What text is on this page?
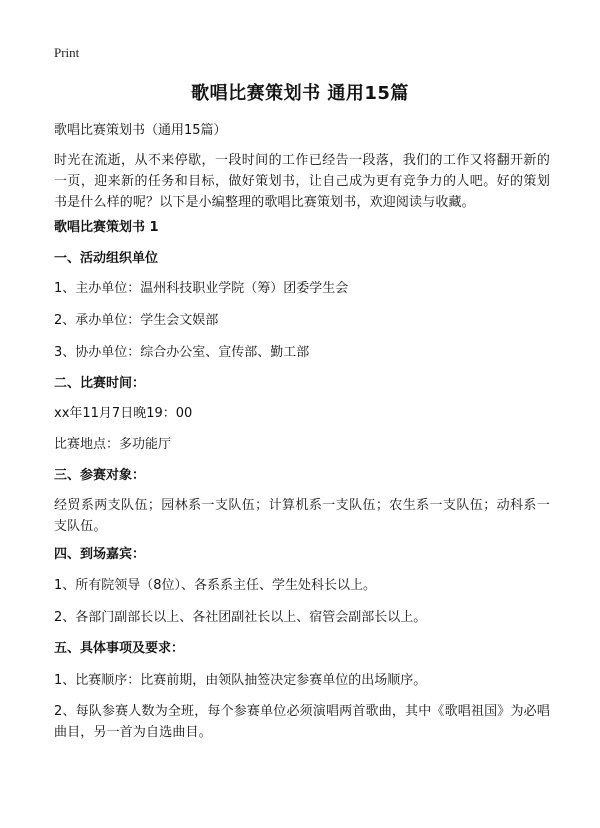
Print
歌唱比赛策划书 通用15篇
歌唱比赛策划书（通用15篇）
时光在流逝，从不来停歇，一段时间的工作已经告一段落，我们的工作又将翻开新的一页，迎来新的任务和目标，做好策划书，让自己成为更有竞争力的人吧。好的策划书是什么样的呢？以下是小编整理的歌唱比赛策划书，欢迎阅读与收藏。
歌唱比赛策划书 1
一、活动组织单位
1、主办单位：温州科技职业学院（筹）团委学生会
2、承办单位：学生会文娱部
3、协办单位：综合办公室、宣传部、勤工部
二、比赛时间：
xx年11月7日晚19：00
比赛地点：多功能厅
三、参赛对象：
经贸系两支队伍；园林系一支队伍；计算机系一支队伍；农生系一支队伍；动科系一支队伍。
四、到场嘉宾：
1、所有院领导（8位）、各系系主任、学生处科长以上。
2、各部门副部长以上、各社团副社长以上、宿管会副部长以上。
五、具体事项及要求：
1、比赛顺序：比赛前期，由领队抽签决定参赛单位的出场顺序。
2、每队参赛人数为全班，每个参赛单位必须演唱两首歌曲，其中《歌唱祖国》为必唱曲目，另一首为自选曲目。
